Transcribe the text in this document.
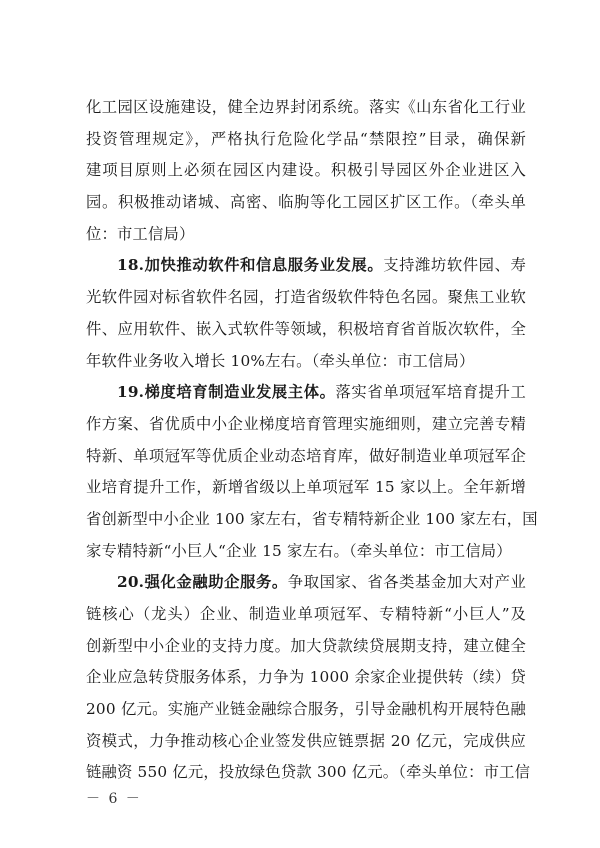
化工园区设施建设，健全边界封闭系统。落实《山东省化工行业
投资管理规定》，严格执行危险化学品“禁限控”目录，确保新
建项目原则上必须在园区内建设。积极引导园区外企业进区入
园。积极推动诸城、高密、临朐等化工园区扩区工作。（牵头单
位：市工信局）
18.加快推动软件和信息服务业发展。支持潍坊软件园、寿
光软件园对标省软件名园，打造省级软件特色名园。聚焦工业软
件、应用软件、嵌入式软件等领域，积极培育省首版次软件，全
年软件业务收入增长 10%左右。（牵头单位：市工信局）
19.梯度培育制造业发展主体。落实省单项冠军培育提升工
作方案、省优质中小企业梯度培育管理实施细则，建立完善专精
特新、单项冠军等优质企业动态培育库，做好制造业单项冠军企
业培育提升工作，新增省级以上单项冠军 15 家以上。全年新增
省创新型中小企业 100 家左右，省专精特新企业 100 家左右，国
家专精特新“小巨人“企业 15 家左右。（牵头单位：市工信局）
20.强化金融助企服务。争取国家、省各类基金加大对产业
链核心（龙头）企业、制造业单项冠军、专精特新“小巨人”及
创新型中小企业的支持力度。加大贷款续贷展期支持，建立健全
企业应急转贷服务体系，力争为 1000 余家企业提供转（续）贷
200 亿元。实施产业链金融综合服务，引导金融机构开展特色融
资模式，力争推动核心企业签发供应链票据 20 亿元，完成供应
链融资 550 亿元，投放绿色贷款 300 亿元。（牵头单位：市工信
－ 6 －
